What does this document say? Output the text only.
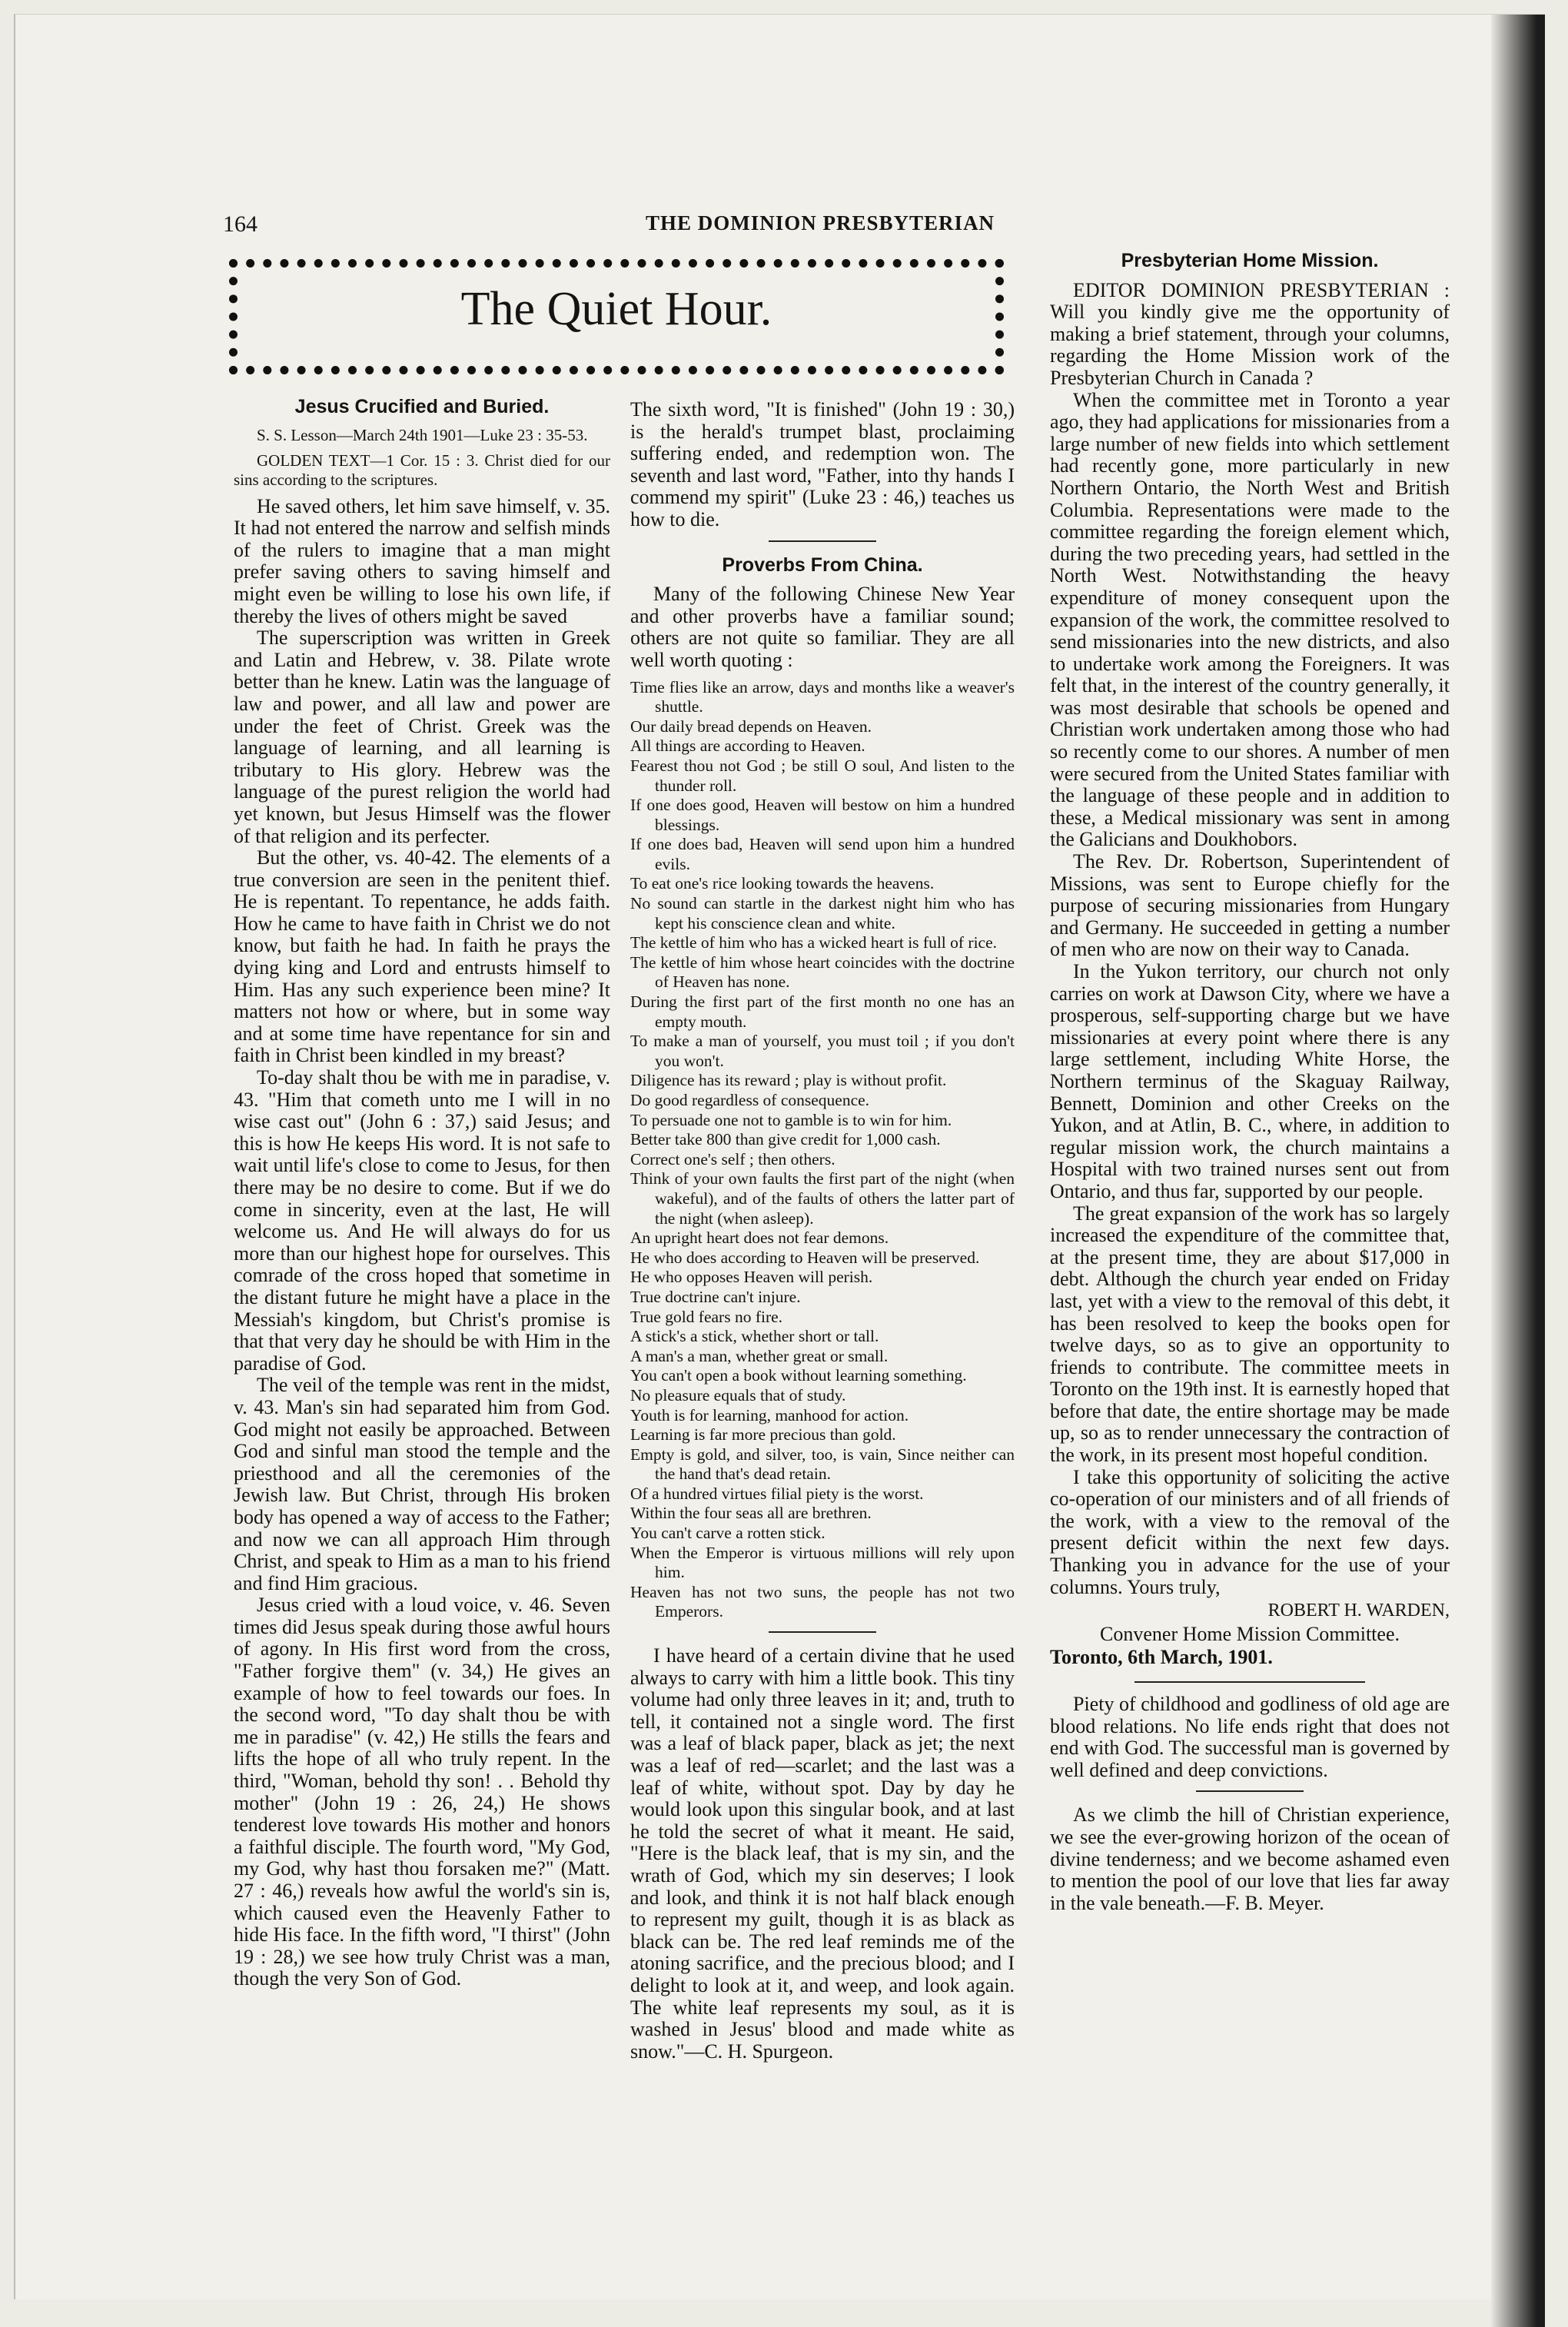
164	THE DOMINION PRESBYTERIAN
The Quiet Hour.
Jesus Crucified and Buried.

S. S. Lesson—March 24th 1901—Luke 23 : 35-53.

GOLDEN TEXT—1 Cor. 15 : 3. Christ died for our sins according to the scriptures.

He saved others, let him save himself, v. 35. It had not entered the narrow and selfish minds of the rulers to imagine that a man might prefer saving others to saving himself and might even be willing to lose his own life, if thereby the lives of others might be saved

The superscription was written in Greek and Latin and Hebrew, v. 38. Pilate wrote better than he knew. Latin was the language of law and power, and all law and power are under the feet of Christ. Greek was the language of learning, and all learning is tributary to His glory. Hebrew was the language of the purest religion the world had yet known, but Jesus Himself was the flower of that religion and its perfecter.

But the other, vs. 40-42. The elements of a true conversion are seen in the penitent thief. He is repentant. To repentance, he adds faith. How he came to have faith in Christ we do not know, but faith he had. In faith he prays the dying king and Lord and entrusts himself to Him. Has any such experience been mine? It matters not how or where, but in some way and at some time have repentance for sin and faith in Christ been kindled in my breast?

To-day shalt thou be with me in paradise, v. 43. "Him that cometh unto me I will in no wise cast out" (John 6 : 37,) said Jesus; and this is how He keeps His word. It is not safe to wait until life's close to come to Jesus, for then there may be no desire to come. But if we do come in sincerity, even at the last, He will welcome us. And He will always do for us more than our highest hope for ourselves. This comrade of the cross hoped that sometime in the distant future he might have a place in the Messiah's kingdom, but Christ's promise is that that very day he should be with Him in the paradise of God.

The veil of the temple was rent in the midst, v. 43. Man's sin had separated him from God. God might not easily be approached. Between God and sinful man stood the temple and the priesthood and all the ceremonies of the Jewish law. But Christ, through His broken body has opened a way of access to the Father; and now we can all approach Him through Christ, and speak to Him as a man to his friend and find Him gracious.

Jesus cried with a loud voice, v. 46. Seven times did Jesus speak during those awful hours of agony. In His first word from the cross, "Father forgive them" (v. 34,) He gives an example of how to feel towards our foes. In the second word, "To day shalt thou be with me in paradise" (v. 42,) He stills the fears and lifts the hope of all who truly repent. In the third, "Woman, behold thy son! . . Behold thy mother" (John 19 : 26, 24,) He shows tenderest love towards His mother and honors a faithful disciple. The fourth word, "My God, my God, why hast thou forsaken me?" (Matt. 27 : 46,) reveals how awful the world's sin is, which caused even the Heavenly Father to hide His face. In the fifth word, "I thirst" (John 19 : 28,) we see how truly Christ was a man, though the very Son of God.

The sixth word, "It is finished" (John 19 : 30,) is the herald's trumpet blast, proclaiming suffering ended, and redemption won. The seventh and last word, "Father, into thy hands I commend my spirit" (Luke 23 : 46,) teaches us how to die.

Proverbs From China.

Many of the following Chinese New Year and other proverbs have a familiar sound; others are not quite so familiar. They are all well worth quoting :

Time flies like an arrow, days and months like a weaver's shuttle.
Our daily bread depends on Heaven.
All things are according to Heaven.
Fearest thou not God ; be still O soul, And listen to the thunder roll.
If one does good, Heaven will bestow on him a hundred blessings.
If one does bad, Heaven will send upon him a hundred evils.
To eat one's rice looking towards the heavens.
No sound can startle in the darkest night him who has kept his conscience clean and white.
The kettle of him who has a wicked heart is full of rice.
The kettle of him whose heart coincides with the doctrine of Heaven has none.
During the first part of the first month no one has an empty mouth.
To make a man of yourself, you must toil ; if you don't you won't.
Diligence has its reward ; play is without profit.
Do good regardless of consequence.
To persuade one not to gamble is to win for him.
Better take 800 than give credit for 1,000 cash.
Correct one's self ; then others.
Think of your own faults the first part of the night (when wakeful), and of the faults of others the latter part of the night (when asleep).
An upright heart does not fear demons.
He who does according to Heaven will be preserved.
He who opposes Heaven will perish.
True doctrine can't injure.
True gold fears no fire.
A stick's a stick, whether short or tall.
A man's a man, whether great or small.
You can't open a book without learning something.
No pleasure equals that of study.
Youth is for learning, manhood for action.
Learning is far more precious than gold.
Empty is gold, and silver, too, is vain, Since neither can the hand that's dead retain.
Of a hundred virtues filial piety is the worst.
Within the four seas all are brethren.
You can't carve a rotten stick.
When the Emperor is virtuous millions will rely upon him.
Heaven has not two suns, the people has not two Emperors.

I have heard of a certain divine that he used always to carry with him a little book. This tiny volume had only three leaves in it; and, truth to tell, it contained not a single word. The first was a leaf of black paper, black as jet; the next was a leaf of red—scarlet; and the last was a leaf of white, without spot. Day by day he would look upon this singular book, and at last he told the secret of what it meant. He said, "Here is the black leaf, that is my sin, and the wrath of God, which my sin deserves; I look and look, and think it is not half black enough to represent my guilt, though it is as black as black can be. The red leaf reminds me of the atoning sacrifice, and the precious blood; and I delight to look at it, and weep, and look again. The white leaf represents my soul, as it is washed in Jesus' blood and made white as snow."—C. H. Spurgeon.

Presbyterian Home Mission.

EDITOR DOMINION PRESBYTERIAN : Will you kindly give me the opportunity of making a brief statement, through your columns, regarding the Home Mission work of the Presbyterian Church in Canada ?

When the committee met in Toronto a year ago, they had applications for missionaries from a large number of new fields into which settlement had recently gone, more particularly in new Northern Ontario, the North West and British Columbia. Representations were made to the committee regarding the foreign element which, during the two preceding years, had settled in the North West. Notwithstanding the heavy expenditure of money consequent upon the expansion of the work, the committee resolved to send missionaries into the new districts, and also to undertake work among the Foreigners. It was felt that, in the interest of the country generally, it was most desirable that schools be opened and Christian work undertaken among those who had so recently come to our shores. A number of men were secured from the United States familiar with the language of these people and in addition to these, a Medical missionary was sent in among the Galicians and Doukhobors.

The Rev. Dr. Robertson, Superintendent of Missions, was sent to Europe chiefly for the purpose of securing missionaries from Hungary and Germany. He succeeded in getting a number of men who are now on their way to Canada.

In the Yukon territory, our church not only carries on work at Dawson City, where we have a prosperous, self-supporting charge but we have missionaries at every point where there is any large settlement, including White Horse, the Northern terminus of the Skaguay Railway, Bennett, Dominion and other Creeks on the Yukon, and at Atlin, B. C., where, in addition to regular mission work, the church maintains a Hospital with two trained nurses sent out from Ontario, and thus far, supported by our people.

The great expansion of the work has so largely increased the expenditure of the committee that, at the present time, they are about $17,000 in debt. Although the church year ended on Friday last, yet with a view to the removal of this debt, it has been resolved to keep the books open for twelve days, so as to give an opportunity to friends to contribute. The committee meets in Toronto on the 19th inst. It is earnestly hoped that before that date, the entire shortage may be made up, so as to render unnecessary the contraction of the work, in its present most hopeful condition.

I take this opportunity of soliciting the active co-operation of our ministers and of all friends of the work, with a view to the removal of the present deficit within the next few days. Thanking you in advance for the use of your columns. Yours truly,

ROBERT H. WARDEN,
Convener Home Mission Committee.
Toronto, 6th March, 1901.

Piety of childhood and godliness of old age are blood relations. No life ends right that does not end with God. The successful man is governed by well defined and deep convictions.

As we climb the hill of Christian experience, we see the ever-growing horizon of the ocean of divine tenderness; and we become ashamed even to mention the pool of our love that lies far away in the vale beneath.—F. B. Meyer.
